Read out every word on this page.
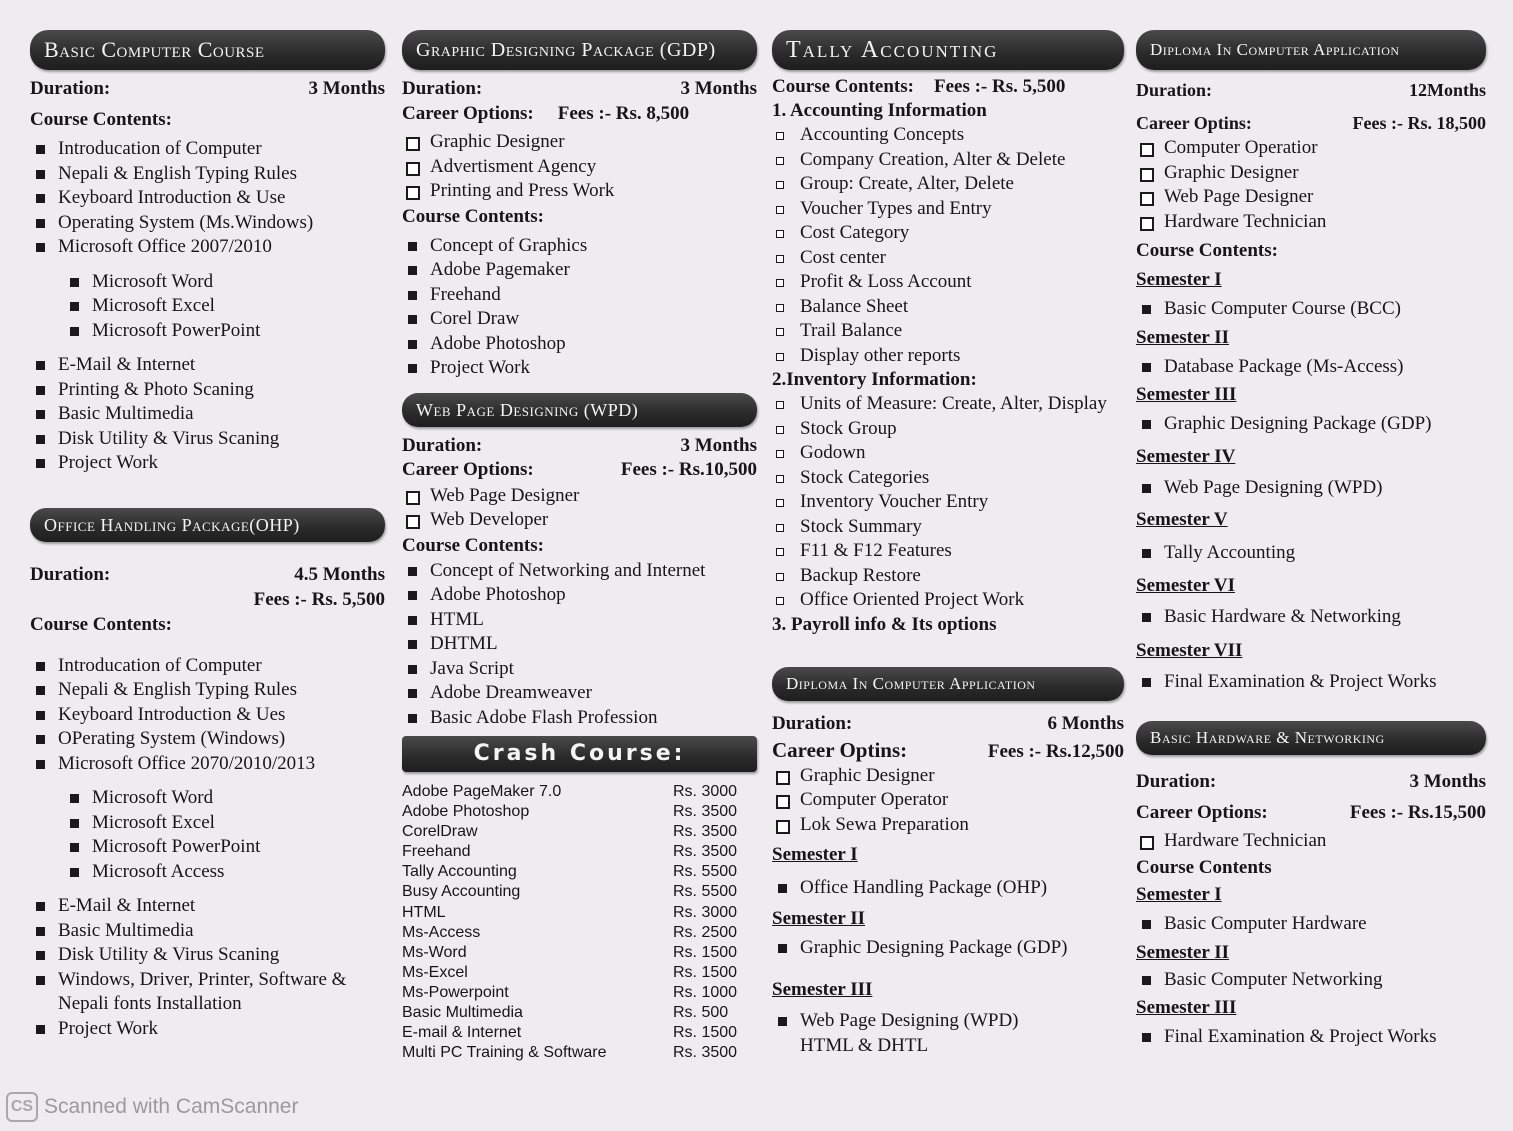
Basic Computer Course
Duration:	3 Months
Course Contents:
Introducation of Computer
Nepali & English Typing Rules
Keyboard Introduction & Use
Operating System (Ms.Windows)
Microsoft Office 2007/2010
Microsoft Word
Microsoft Excel
Microsoft PowerPoint
E-Mail & Internet
Printing & Photo Scaning
Basic Multimedia
Disk Utility & Virus Scaning
Project Work
Office Handling Package(OHP)
Duration:	4.5 Months
Fees :- Rs. 5,500
Course Contents:
Introducation of Computer
Nepali & English Typing Rules
Keyboard Introduction & Ues
OPerating System (Windows)
Microsoft Office 2070/2010/2013
Microsoft Word
Microsoft Excel
Microsoft PowerPoint
Microsoft Access
E-Mail & Internet
Basic Multimedia
Disk Utility & Virus Scaning
Windows, Driver, Printer, Software & Nepali fonts Installation
Project Work
Graphic Designing Package (GDP)
Duration:	3 Months
Career Options: Fees :- Rs. 8,500
Graphic Designer
Advertisment Agency
Printing and Press Work
Course Contents:
Concept of Graphics
Adobe Pagemaker
Freehand
Corel Draw
Adobe Photoshop
Project Work
Web Page Designing (WPD)
Duration:	3 Months
Career Options:	Fees :- Rs.10,500
Web Page Designer
Web Developer
Course Contents:
Concept of Networking and Internet
Adobe Photoshop
HTML
DHTML
Java Script
Adobe Dreamweaver
Basic Adobe Flash Profession
Crash Course:
Adobe PageMaker 7.0	Rs. 3000
Adobe Photoshop	Rs. 3500
CorelDraw	Rs. 3500
Freehand	Rs. 3500
Tally Accounting	Rs. 5500
Busy Accounting	Rs. 5500
HTML	Rs. 3000
Ms-Access	Rs. 2500
Ms-Word	Rs. 1500
Ms-Excel	Rs. 1500
Ms-Powerpoint	Rs. 1000
Basic Multimedia	Rs. 500
E-mail & Internet	Rs. 1500
Multi PC Training & Software	Rs. 3500
Tally Accounting
Course Contents: Fees :- Rs. 5,500
1. Accounting Information
Accounting Concepts
Company Creation, Alter & Delete
Group: Create, Alter, Delete
Voucher Types and Entry
Cost Category
Cost center
Profit & Loss Account
Balance Sheet
Trail Balance
Display other reports
2.Inventory Information:
Units of Measure: Create, Alter, Display
Stock Group
Godown
Stock Categories
Inventory Voucher Entry
Stock Summary
F11 & F12 Features
Backup Restore
Office Oriented Project Work
3. Payroll info & Its options
Diploma In Computer Application
Duration:	6 Months
Career Optins:	Fees :- Rs.12,500
Graphic Designer
Computer Operator
Lok Sewa Preparation
Semester I
Office Handling Package (OHP)
Semester II
Graphic Designing Package (GDP)
Semester III
Web Page Designing (WPD) HTML & DHTL
Diploma In Computer Application
Duration:	12Months
Career Optins:	Fees :- Rs. 18,500
Computer Operatior
Graphic Designer
Web Page Designer
Hardware Technician
Course Contents:
Semester I
Basic Computer Course (BCC)
Semester II
Database Package (Ms-Access)
Semester III
Graphic Designing Package (GDP)
Semester IV
Web Page Designing (WPD)
Semester V
Tally Accounting
Semester VI
Basic Hardware & Networking
Semester VII
Final Examination & Project Works
Basic Hardware & Networking
Duration:	3 Months
Career Options:	Fees :- Rs.15,500
Hardware Technician
Course Contents
Semester I
Basic Computer Hardware
Semester II
Basic Computer Networking
Semester III
Final Examination & Project Works
CS Scanned with CamScanner
